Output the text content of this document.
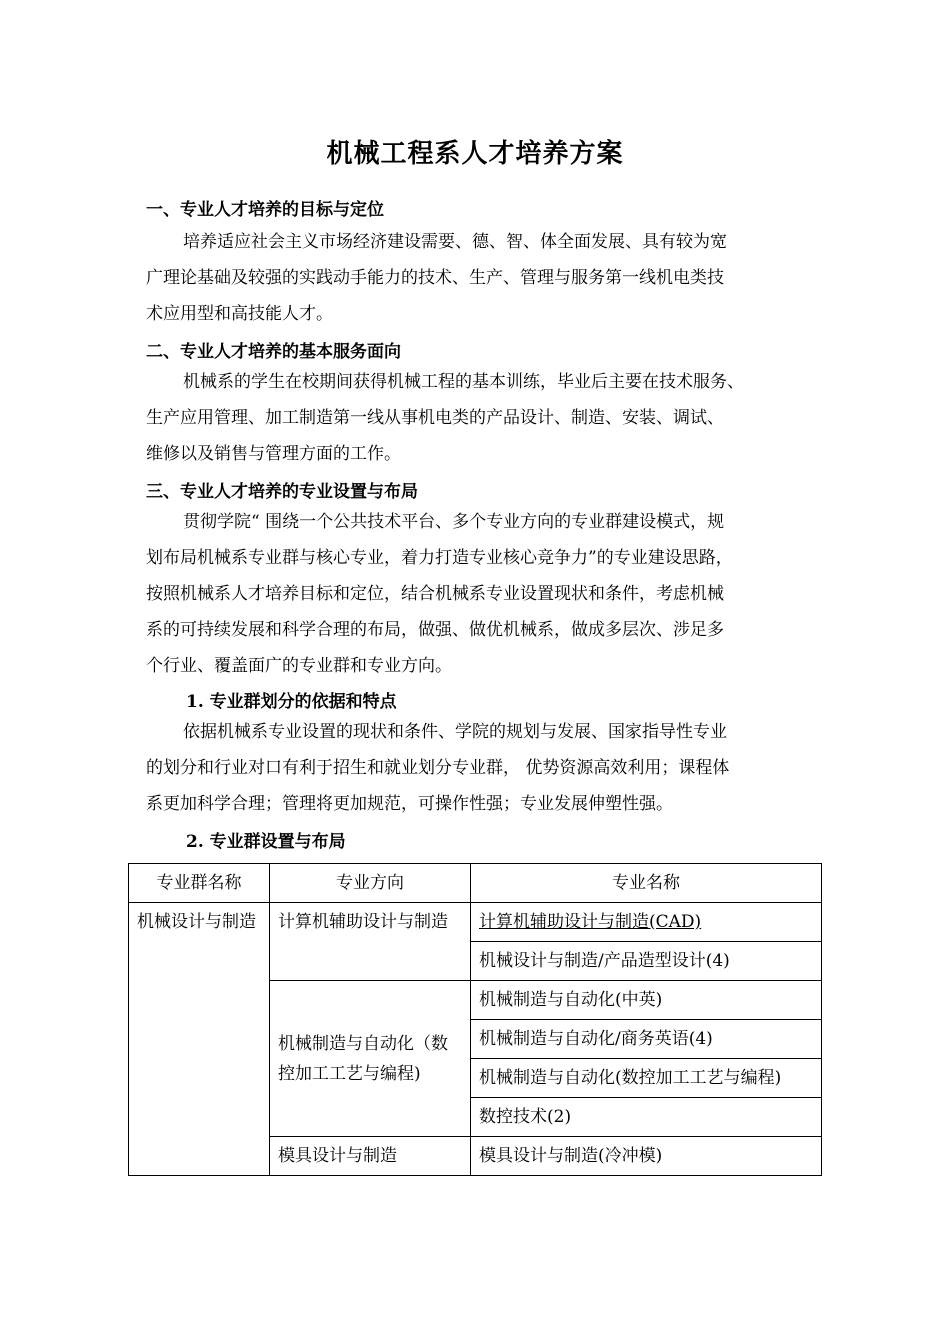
机械工程系人才培养方案
一、专业人才培养的目标与定位
培养适应社会主义市场经济建设需要、德、智、体全面发展、具有较为宽
广理论基础及较强的实践动手能力的技术、生产、管理与服务第一线机电类技
术应用型和高技能人才。
二、专业人才培养的基本服务面向
机械系的学生在校期间获得机械工程的基本训练，毕业后主要在技术服务、
生产应用管理、加工制造第一线从事机电类的产品设计、制造、安装、调试、
维修以及销售与管理方面的工作。
三、专业人才培养的专业设置与布局
贯彻学院“ 围绕一个公共技术平台、多个专业方向的专业群建设模式，规
划布局机械系专业群与核心专业，着力打造专业核心竞争力”的专业建设思路，
按照机械系人才培养目标和定位，结合机械系专业设置现状和条件，考虑机械
系的可持续发展和科学合理的布局，做强、做优机械系，做成多层次、涉足多
个行业、覆盖面广的专业群和专业方向。
1. 专业群划分的依据和特点
依据机械系专业设置的现状和条件、学院的规划与发展、国家指导性专业
的划分和行业对口有利于招生和就业划分专业群， 优势资源高效利用；课程体
系更加科学合理；管理将更加规范，可操作性强；专业发展伸塑性强。
2. 专业群设置与布局
专业群名称	专业方向	专业名称
机械设计与制造	计算机辅助设计与制造	计算机辅助设计与制造(CAD)
		机械设计与制造/产品造型设计(4)
	机械制造与自动化（数控加工工艺与编程)	机械制造与自动化(中英)
		机械制造与自动化/商务英语(4)
		机械制造与自动化(数控加工工艺与编程)
		数控技术(2)
	模具设计与制造	模具设计与制造(冷冲模)
